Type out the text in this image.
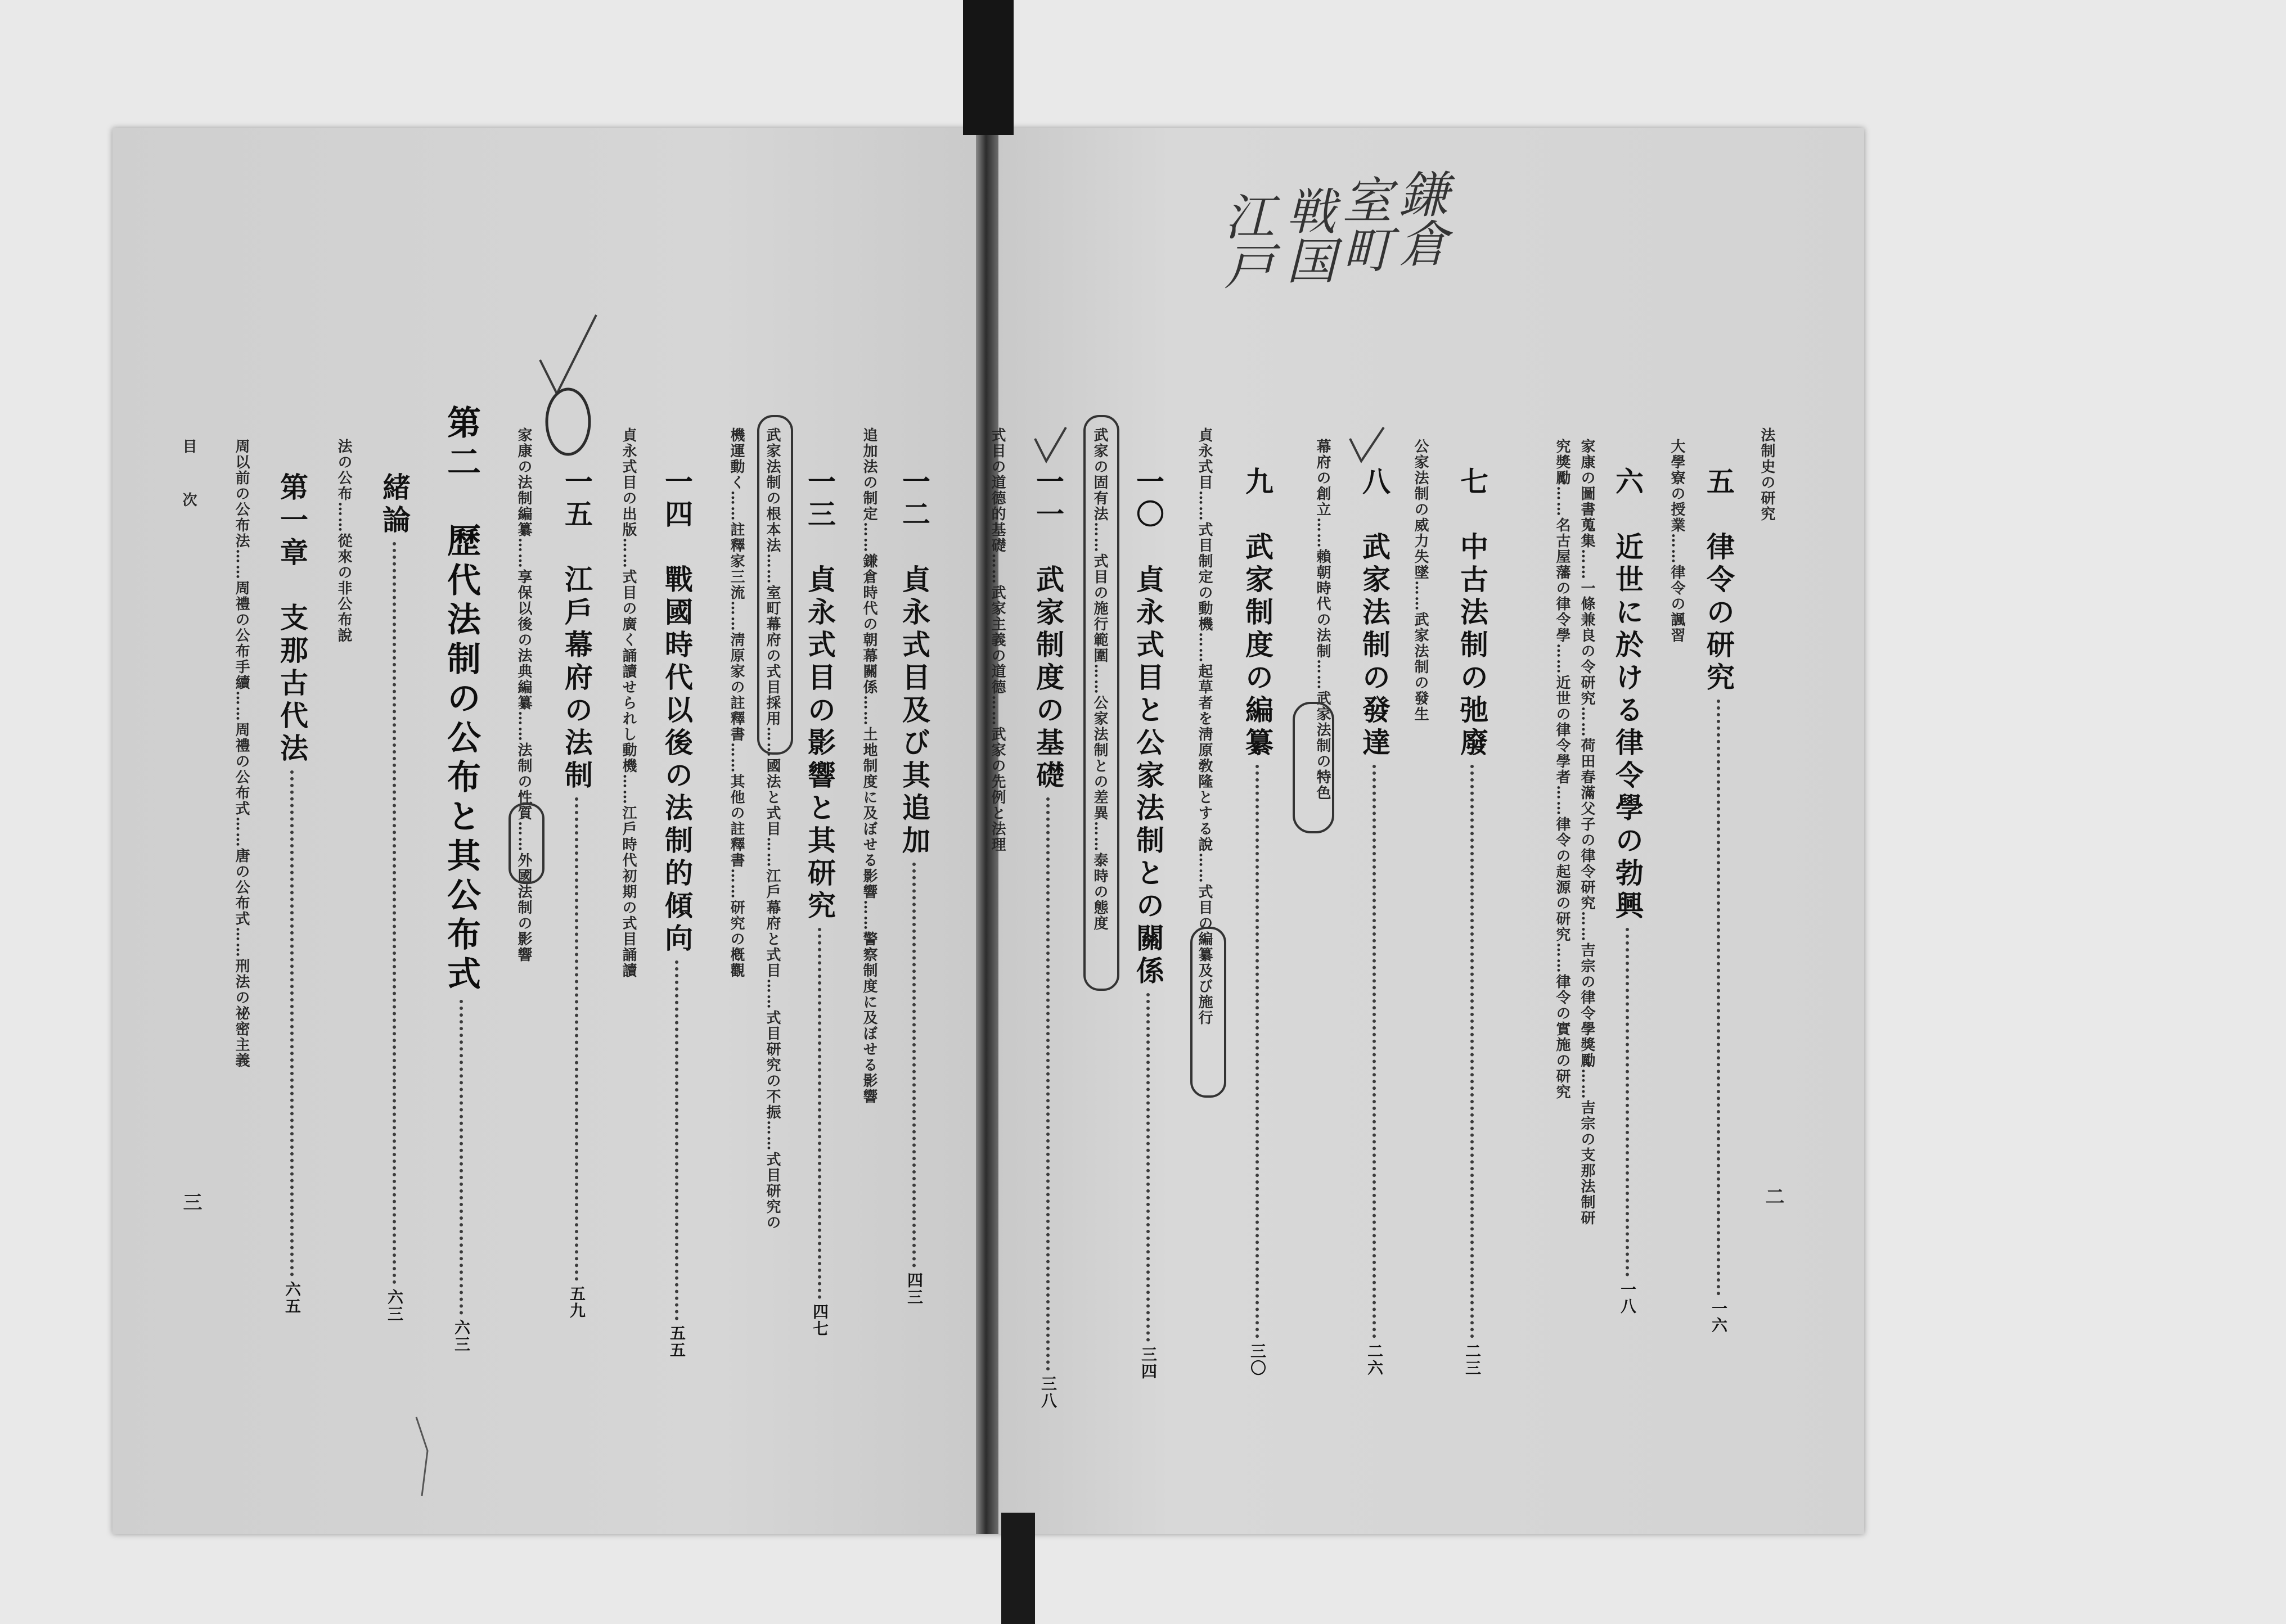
法制史の研究
二
五　律令の研究一六
大學寮の授業……律令の諷習
六　近世に於ける律令學の勃興一八
家康の圖書蒐集……一條兼良の令研究……荷田春滿父子の律令研究……吉宗の律令學獎勵……吉宗の支那法制研
究獎勵……名古屋藩の律令學……近世の律令學者……律令の起源の研究……律令の實施の研究
七　中古法制の弛廢二三
公家法制の威力失墜……武家法制の發生
八　武家法制の發達二六
幕府の創立……賴朝時代の法制……武家法制の特色
九　武家制度の編纂三〇
貞永式目……式目制定の動機……起草者を淸原敎隆とする說……式目の編纂及び施行
一〇　貞永式目と公家法制との關係三四
武家の固有法……式目の施行範圍……公家法制との差異……泰時の態度
一一　武家制度の基礎三八
式目の道德的基礎……武家主義の道德……武家の先例と法理
鎌倉
室町
戦国
江戸
一二　貞永式目及び其追加四三
追加法の制定……鎌倉時代の朝幕關係……土地制度に及ぼせる影響……警察制度に及ぼせる影響
一三　貞永式目の影響と其研究四七
武家法制の根本法……室町幕府の式目採用……國法と式目……江戶幕府と式目……式目研究の不振……式目研究の
機運動く……註釋家三流……淸原家の註釋書……其他の註釋書……研究の槪觀
一四　戰國時代以後の法制的傾向五五
一五　江戶幕府の法制五九
貞永式目の出版……式目の廣く誦讀せられし動機……江戶時代初期の式目誦讀
家康の法制編纂……享保以後の法典編纂……法制の性質……外國法制の影響
第二　歷代法制の公布と其公布式六三
緒論六三
法の公布……從來の非公布說
第一章　支那古代法六五
周以前の公布法……周禮の公布手續……周禮の公布式……唐の公布式……刑法の祕密主義
目 次
三
